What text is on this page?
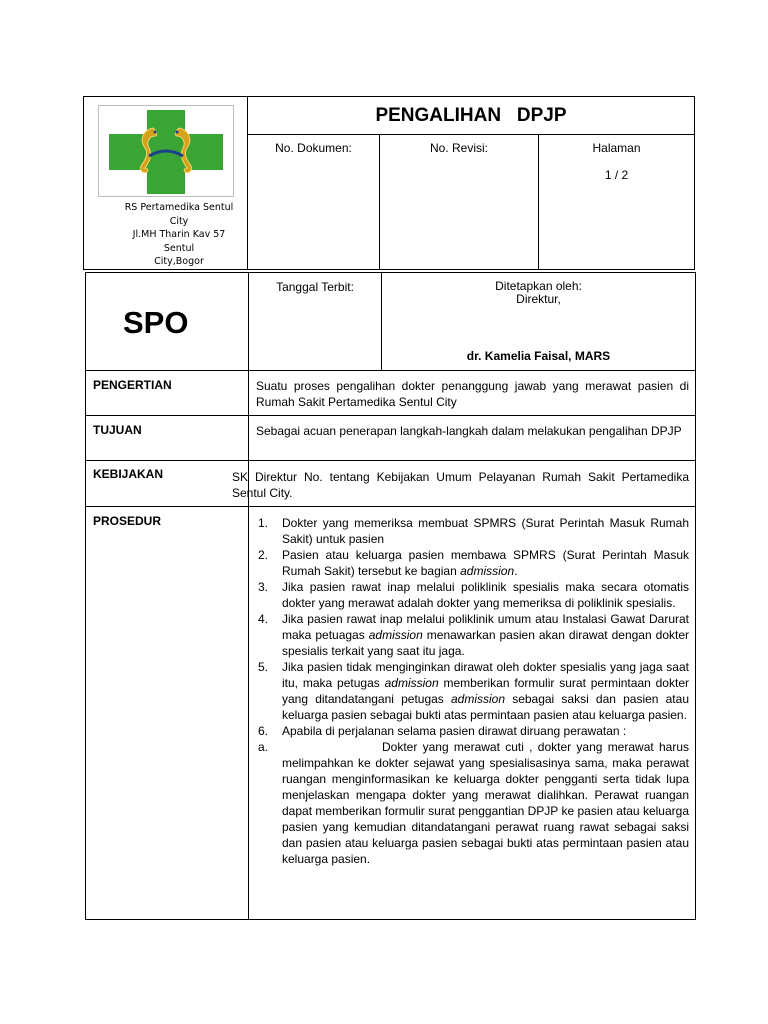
RS Pertamedika Sentul
City
Jl.MH Tharin Kav 57
Sentul
City,Bogor
PENGALIHAN   DPJP
No. Dokumen:	No. Revisi:	Halaman
1 / 2
SPO
Tanggal Terbit:	Ditetapkan oleh:
Direktur,
dr. Kamelia Faisal, MARS
PENGERTIAN	Suatu proses pengalihan dokter penanggung jawab yang merawat pasien di Rumah Sakit Pertamedika Sentul City
TUJUAN	Sebagai acuan penerapan langkah-langkah dalam melakukan pengalihan DPJP
KEBIJAKAN	SK Direktur No. tentang Kebijakan Umum Pelayanan Rumah Sakit Pertamedika Sentul City.
PROSEDUR	1. Dokter yang memeriksa membuat SPMRS (Surat Perintah Masuk Rumah Sakit) untuk pasien
2. Pasien atau keluarga pasien membawa SPMRS (Surat Perintah Masuk Rumah Sakit) tersebut ke bagian admission.
3. Jika pasien rawat inap melalui poliklinik spesialis maka secara otomatis dokter yang merawat adalah dokter yang memeriksa di poliklinik spesialis.
4. Jika pasien rawat inap melalui poliklinik umum atau Instalasi Gawat Darurat maka petuagas admission menawarkan pasien akan dirawat dengan dokter spesialis terkait yang saat itu jaga.
5. Jika pasien tidak menginginkan dirawat oleh dokter spesialis yang jaga saat itu, maka petugas admission memberikan formulir surat permintaan dokter yang ditandatangani petugas admission sebagai saksi dan pasien atau keluarga pasien sebagai bukti atas permintaan pasien atau keluarga pasien.
6. Apabila di perjalanan selama pasien dirawat diruang perawatan :
a.	Dokter yang merawat cuti , dokter yang merawat harus melimpahkan ke dokter sejawat yang spesialisasinya sama, maka perawat ruangan menginformasikan ke keluarga dokter pengganti serta tidak lupa menjelaskan mengapa dokter yang merawat dialihkan. Perawat ruangan dapat memberikan formulir surat penggantian DPJP ke pasien atau keluarga pasien yang kemudian ditandatangani perawat ruang rawat sebagai saksi dan pasien atau keluarga pasien sebagai bukti atas permintaan pasien atau keluarga pasien.
